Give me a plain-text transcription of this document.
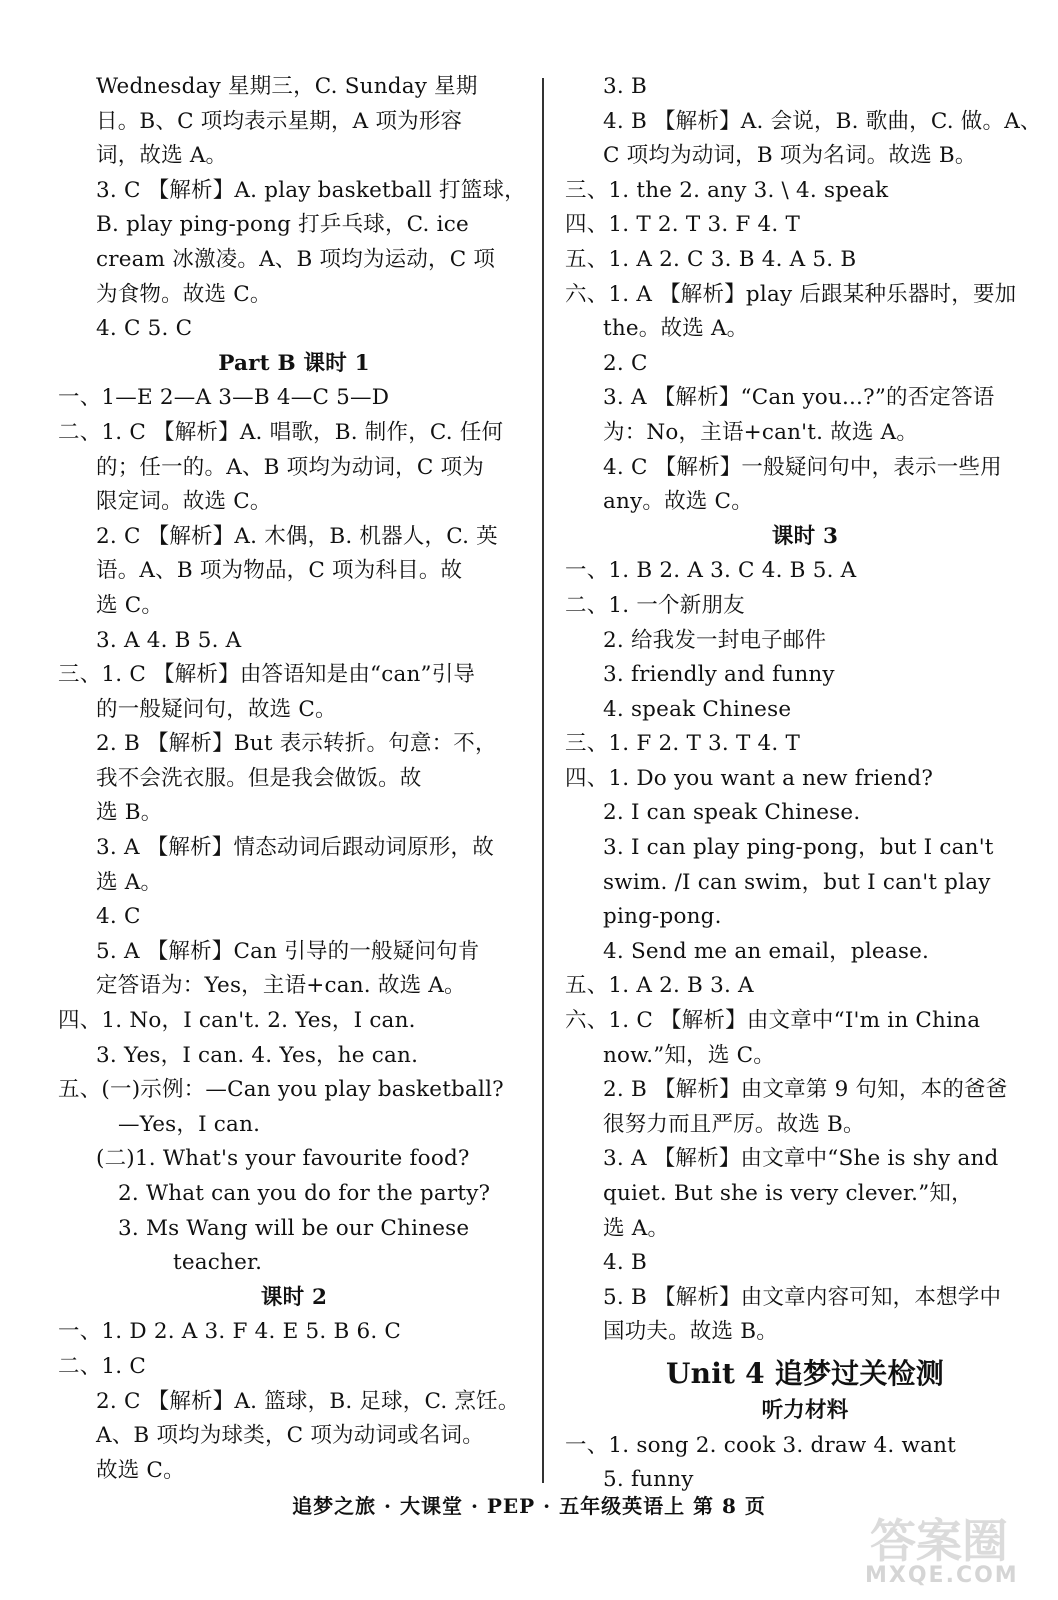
Wednesday 星期三，C. Sunday 星期
日。B、C 项均表示星期，A 项为形容
词，故选 A。
3. C 【解析】A. play basketball 打篮球，
B. play ping-pong 打乒乓球，C. ice
cream 冰激凌。A、B 项均为运动，C 项
为食物。故选 C。
4. C 5. C
Part B 课时 1
一、1—E 2—A 3—B 4—C 5—D
二、1. C 【解析】A. 唱歌，B. 制作，C. 任何
的；任一的。A、B 项均为动词，C 项为
限定词。故选 C。
2. C 【解析】A. 木偶，B. 机器人，C. 英
语。A、B 项为物品，C 项为科目。故
选 C。
3. A 4. B 5. A
三、1. C 【解析】由答语知是由“can”引导
的一般疑问句，故选 C。
2. B 【解析】But 表示转折。句意：不，
我不会洗衣服。但是我会做饭。故
选 B。
3. A 【解析】情态动词后跟动词原形，故
选 A。
4. C
5. A 【解析】Can 引导的一般疑问句肯
定答语为：Yes，主语+can. 故选 A。
四、1. No，I can't. 2. Yes，I can.
3. Yes，I can. 4. Yes，he can.
五、(一)示例：—Can you play basketball?
—Yes，I can.
(二)1. What's your favourite food?
2. What can you do for the party?
3. Ms Wang will be our Chinese
teacher.
课时 2
一、1. D 2. A 3. F 4. E 5. B 6. C
二、1. C
2. C 【解析】A. 篮球，B. 足球，C. 烹饪。
A、B 项均为球类，C 项为动词或名词。
故选 C。
3. B
4. B 【解析】A. 会说，B. 歌曲，C. 做。A、
C 项均为动词，B 项为名词。故选 B。
三、1. the 2. any 3. \ 4. speak
四、1. T 2. T 3. F 4. T
五、1. A 2. C 3. B 4. A 5. B
六、1. A 【解析】play 后跟某种乐器时，要加
the。故选 A。
2. C
3. A 【解析】“Can you...?”的否定答语
为：No，主语+can't. 故选 A。
4. C 【解析】一般疑问句中，表示一些用
any。故选 C。
课时 3
一、1. B 2. A 3. C 4. B 5. A
二、1. 一个新朋友
2. 给我发一封电子邮件
3. friendly and funny
4. speak Chinese
三、1. F 2. T 3. T 4. T
四、1. Do you want a new friend?
2. I can speak Chinese.
3. I can play ping-pong，but I can't
swim. /I can swim，but I can't play
ping-pong.
4. Send me an email，please.
五、1. A 2. B 3. A
六、1. C 【解析】由文章中“I'm in China
now.”知，选 C。
2. B 【解析】由文章第 9 句知，本的爸爸
很努力而且严厉。故选 B。
3. A 【解析】由文章中“She is shy and
quiet. But she is very clever.”知，
选 A。
4. B
5. B 【解析】由文章内容可知，本想学中
国功夫。故选 B。
Unit 4 追梦过关检测
听力材料
一、1. song 2. cook 3. draw 4. want
5. funny
追梦之旅 · 大课堂 · PEP · 五年级英语上 第 8 页
答案圈
MXQE.COM
